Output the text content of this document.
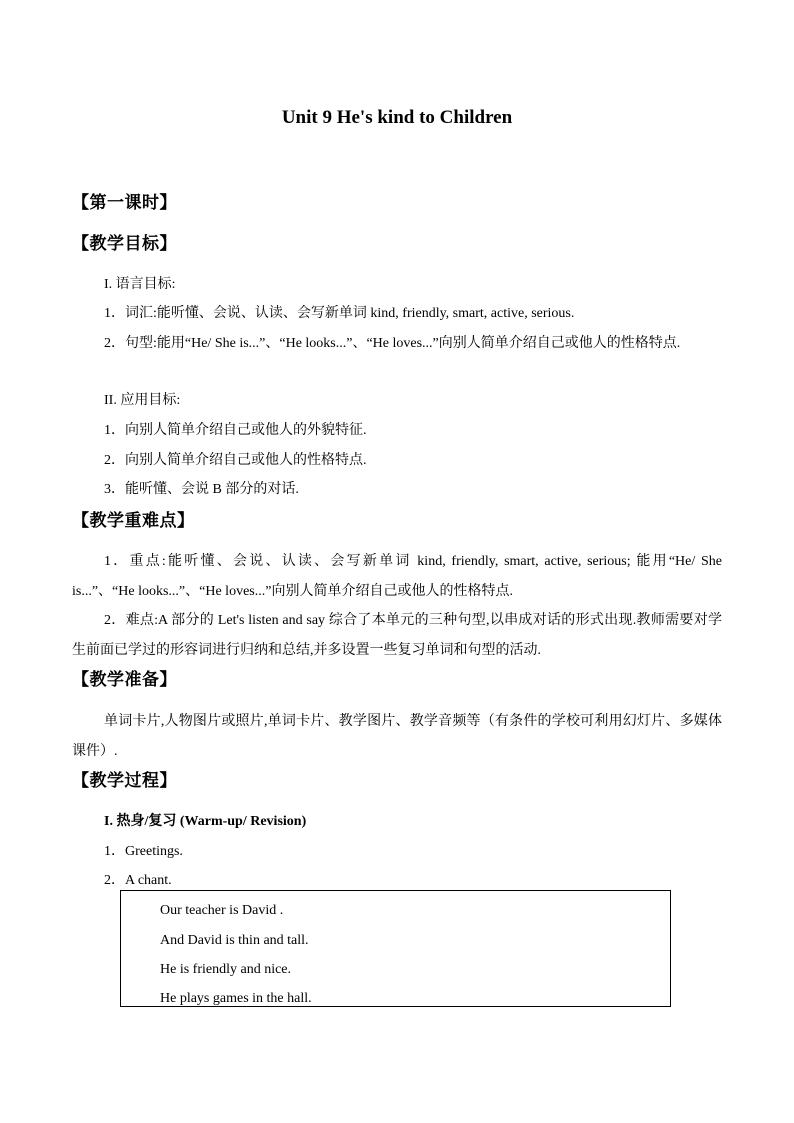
Unit 9 He's kind to Children
【第一课时】
【教学目标】
I. 语言目标:
1．词汇:能听懂、会说、认读、会写新单词 kind, friendly, smart, active, serious.
2．句型:能用“He/ She is...”、“He looks...”、“He loves...”向别人简单介绍自己或他人的性格特点.
II. 应用目标:
1．向别人简单介绍自己或他人的外貌特征.
2．向别人简单介绍自己或他人的性格特点.
3．能听懂、会说 B 部分的对话.
【教学重难点】
1．重点:能听懂、会说、认读、会写新单词 kind, friendly, smart, active, serious; 能用“He/ She is...”、“He looks...”、“He loves...”向别人简单介绍自己或他人的性格特点.
2．难点:A 部分的 Let's listen and say 综合了本单元的三种句型,以串成对话的形式出现.教师需要对学生前面已学过的形容词进行归纳和总结,并多设置一些复习单词和句型的活动.
【教学准备】
单词卡片,人物图片或照片,单词卡片、教学图片、教学音频等（有条件的学校可利用幻灯片、多媒体课件）.
【教学过程】
I. 热身/复习 (Warm-up/ Revision)
1．Greetings.
2．A chant.
Our teacher is David .
And David is thin and tall.
He is friendly and nice.
He plays games in the hall.
